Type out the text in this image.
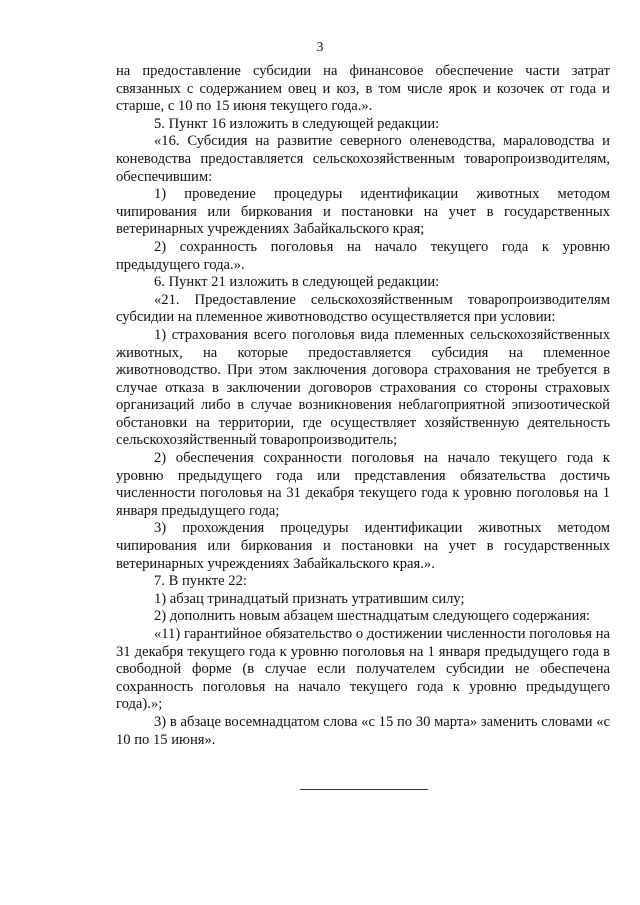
3

на предоставление субсидии на финансовое обеспечение части затрат связанных с содержанием овец и коз, в том числе ярок и козочек от года и старше, с 10 по 15 июня текущего года.».

5. Пункт 16 изложить в следующей редакции:

«16. Субсидия на развитие северного оленеводства, мараловодства и коневодства предоставляется сельскохозяйственным товаропроизводителям, обеспечившим:

1) проведение процедуры идентификации животных методом чипирования или биркования и постановки на учет в государственных ветеринарных учреждениях Забайкальского края;

2) сохранность поголовья на начало текущего года к уровню предыдущего года.».

6. Пункт 21 изложить в следующей редакции:

«21. Предоставление сельскохозяйственным товаропроизводителям субсидии на племенное животноводство осуществляется при условии:

1) страхования всего поголовья вида племенных сельскохозяйственных животных, на которые предоставляется субсидия на племенное животноводство. При этом заключения договора страхования не требуется в случае отказа в заключении договоров страхования со стороны страховых организаций либо в случае возникновения неблагоприятной эпизоотической обстановки на территории, где осуществляет хозяйственную деятельность сельскохозяйственный товаропроизводитель;

2) обеспечения сохранности поголовья на начало текущего года к уровню предыдущего года или представления обязательства достичь численности поголовья на 31 декабря текущего года к уровню поголовья на 1 января предыдущего года;

3) прохождения процедуры идентификации животных методом чипирования или биркования и постановки на учет в государственных ветеринарных учреждениях Забайкальского края.».

7. В пункте 22:

1) абзац тринадцатый признать утратившим силу;

2) дополнить новым абзацем шестнадцатым следующего содержания:

«11) гарантийное обязательство о достижении численности поголовья на 31 декабря текущего года к уровню поголовья на 1 января предыдущего года в свободной форме (в случае если получателем субсидии не обеспечена сохранность поголовья на начало текущего года к уровню предыдущего года).»;

3) в абзаце восемнадцатом слова «с 15 по 30 марта» заменить словами «с 10 по 15 июня».
